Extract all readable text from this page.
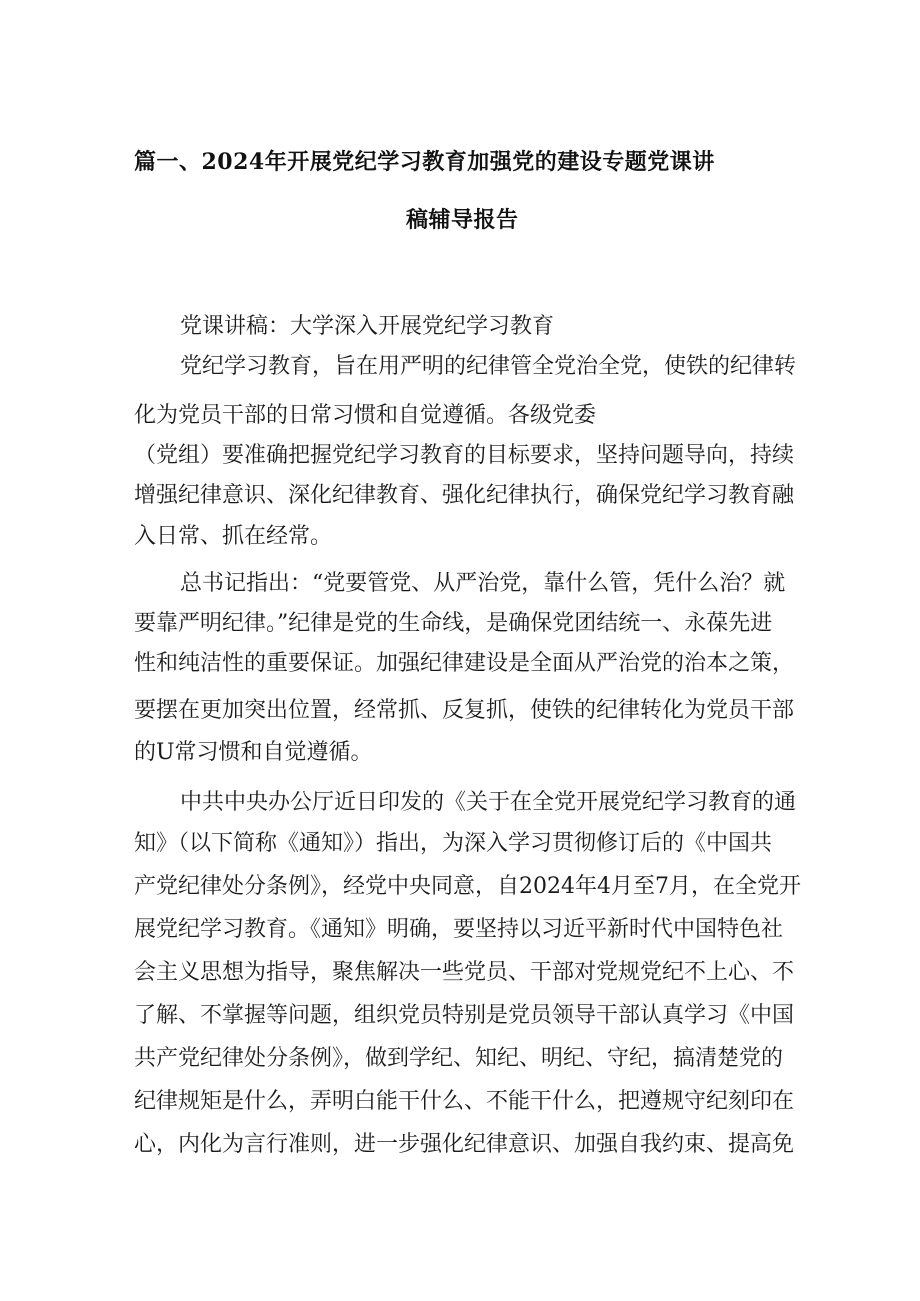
篇一、2024年开展党纪学习教育加强党的建设专题党课讲
稿辅导报告
党课讲稿：大学深入开展党纪学习教育
党纪学习教育，旨在用严明的纪律管全党治全党，使铁的纪律转
化为党员干部的日常习惯和自觉遵循。各级党委
（党组）要准确把握党纪学习教育的目标要求，坚持问题导向，持续
增强纪律意识、深化纪律教育、强化纪律执行，确保党纪学习教育融
入日常、抓在经常。
总书记指出：“党要管党、从严治党，靠什么管，凭什么治？就
要靠严明纪律。”纪律是党的生命线，是确保党团结统一、永葆先进
性和纯洁性的重要保证。加强纪律建设是全面从严治党的治本之策，
要摆在更加突出位置，经常抓、反复抓，使铁的纪律转化为党员干部
的U常习惯和自觉遵循。
中共中央办公厅近日印发的《关于在全党开展党纪学习教育的通
知》（以下简称《通知》）指出，为深入学习贯彻修订后的《中国共
产党纪律处分条例》，经党中央同意，自2024年4月至7月，在全党开
展党纪学习教育。《通知》明确，要坚持以习近平新时代中国特色社
会主义思想为指导，聚焦解决一些党员、干部对党规党纪不上心、不
了解、不掌握等问题，组织党员特别是党员领导干部认真学习《中国
共产党纪律处分条例》，做到学纪、知纪、明纪、守纪，搞清楚党的
纪律规矩是什么，弄明白能干什么、不能干什么，把遵规守纪刻印在
心，内化为言行准则，进一步强化纪律意识、加强自我约束、提高免
